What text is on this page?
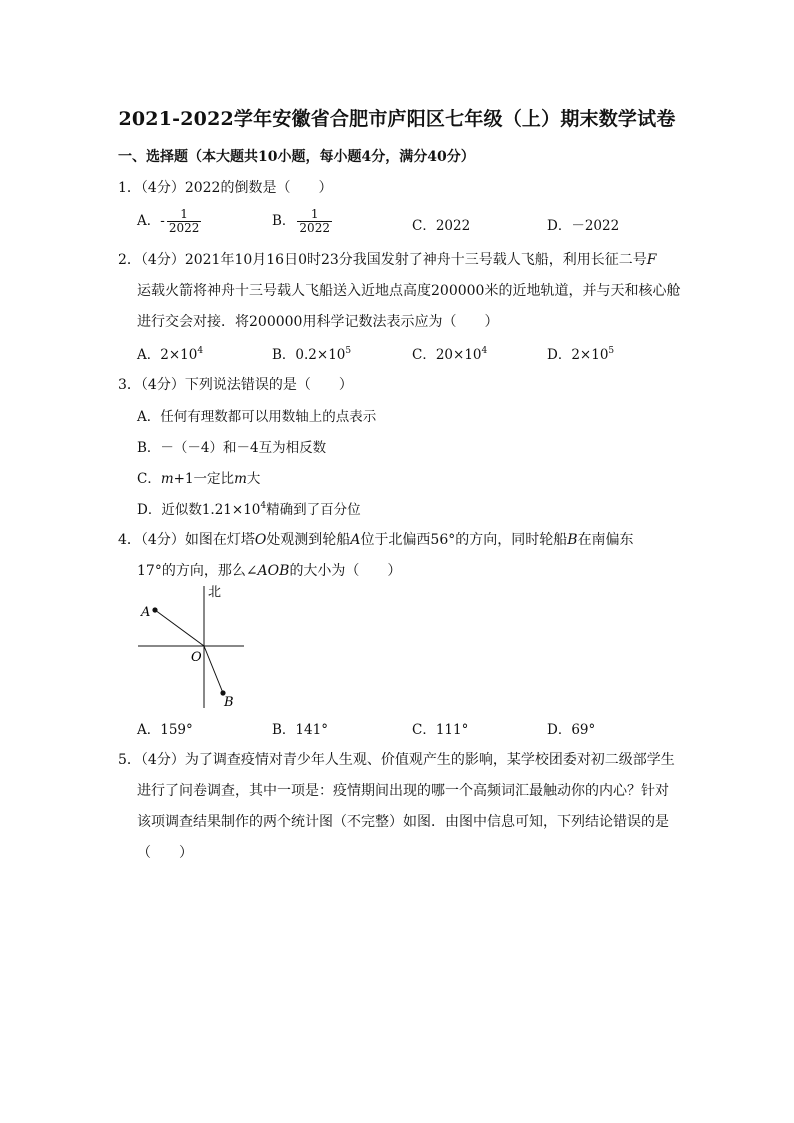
2021-2022学年安徽省合肥市庐阳区七年级（上）期末数学试卷
一、选择题（本大题共10小题，每小题4分，满分40分）
1．（4分）2022的倒数是（　　）
A．- $\frac{1}{2022}$	B． $\frac{1}{2022}$	C．2022	D．－2022
2．（4分）2021年10月16日0时23分我国发射了神舟十三号载人飞船，利用长征二号F
运载火箭将神舟十三号载人飞船送入近地点高度200000米的近地轨道，并与天和核心舱
进行交会对接．将200000用科学记数法表示应为（　　）
A．$2\times 10^4$	B．$0.2\times 10^5$	C．$20\times 10^4$	D．$2\times 10^5$
3．（4分）下列说法错误的是（　　）
A．任何有理数都可以用数轴上的点表示
B．－（－4）和－4互为相反数
C．m+1一定比m大
D．近似数$1.21\times 10^4$精确到了百分位
4．（4分）如图在灯塔O处观测到轮船A位于北偏西56°的方向，同时轮船B在南偏东
17°的方向，那么∠AOB的大小为（　　）
北
A
O
B
A．159°	B．141°	C．111°	D．69°
5．（4分）为了调查疫情对青少年人生观、价值观产生的影响，某学校团委对初二级部学生
进行了问卷调查，其中一项是：疫情期间出现的哪一个高频词汇最触动你的内心？针对
该项调查结果制作的两个统计图（不完整）如图．由图中信息可知，下列结论错误的是
（　　）
